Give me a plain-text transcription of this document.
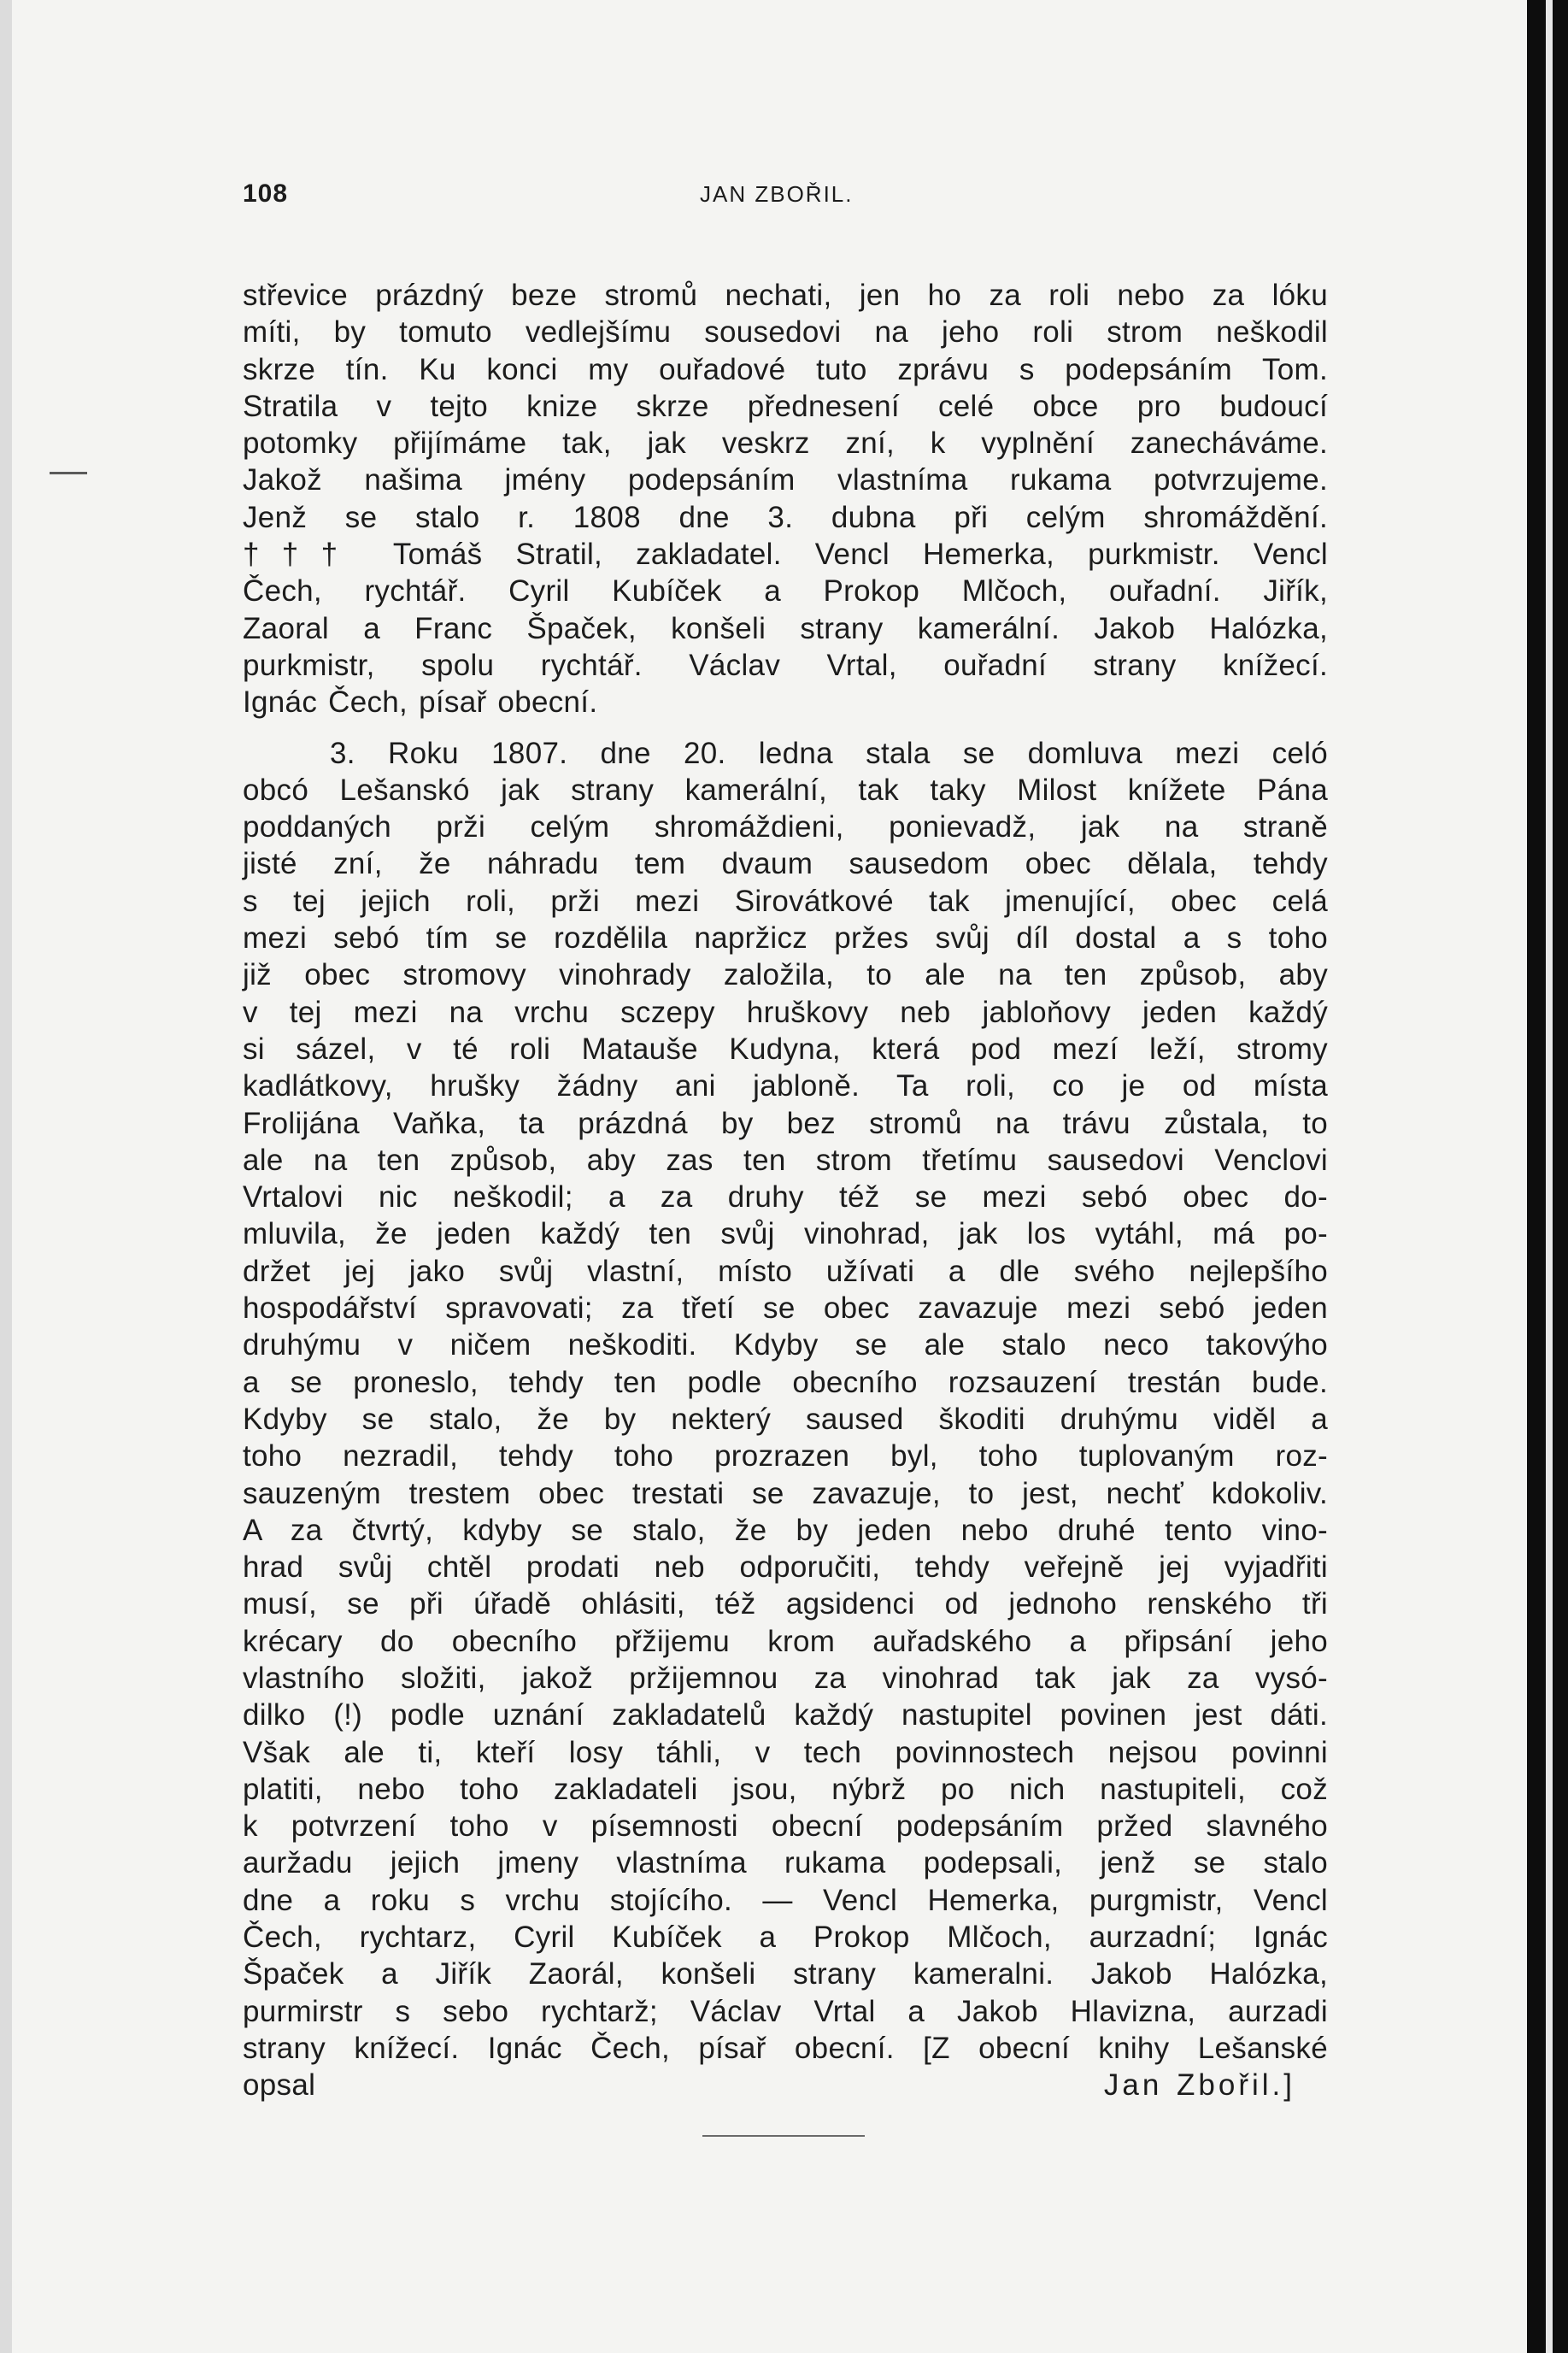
108	JAN ZBOŘIL.
střevice prázdný beze stromů nechati, jen ho za roli nebo za lóku
míti, by tomuto vedlejšímu sousedovi na jeho roli strom neškodil
skrze tín. Ku konci my ouřadové tuto zprávu s podepsáním Tom.
Stratila v tejto knize skrze přednesení celé obce pro budoucí
potomky přijímáme tak, jak veskrz zní, k vyplnění zanecháváme.
Jakož našima jmény podepsáním vlastníma rukama potvrzujeme.
Jenž se stalo r. 1808 dne 3. dubna při celým shromáždění.
††† Tomáš Stratil, zakladatel. Vencl Hemerka, purkmistr. Vencl
Čech, rychtář. Cyril Kubíček a Prokop Mlčoch, ouřadní. Jiřík,
Zaoral a Franc Špaček, konšeli strany kamerální. Jakob Halózka,
purkmistr, spolu rychtář. Václav Vrtal, ouřadní strany knížecí.
Ignác Čech, písař obecní.
3. Roku 1807. dne 20. ledna stala se domluva mezi celó
obcó Lešanskó jak strany kamerální, tak taky Milost knížete Pána
poddaných prži celým shromáždieni, ponievadž, jak na straně
jisté zní, že náhradu tem dvaum sausedom obec dělala, tehdy
s tej jejich roli, prži mezi Sirovátkové tak jmenující, obec celá
mezi sebó tím se rozdělila napržicz pržes svůj díl dostal a s toho
již obec stromovy vinohrady založila, to ale na ten způsob, aby
v tej mezi na vrchu sczepy hruškovy neb jabloňovy jeden každý
si sázel, v té roli Matauše Kudyna, která pod mezí leží, stromy
kadlátkovy, hrušky žádny ani jabloně. Ta roli, co je od místa
Frolijána Vaňka, ta prázdná by bez stromů na trávu zůstala, to
ale na ten způsob, aby zas ten strom třetímu sausedovi Venclovi
Vrtalovi nic neškodil; a za druhy též se mezi sebó obec do-
mluvila, že jeden každý ten svůj vinohrad, jak los vytáhl, má po-
držet jej jako svůj vlastní, místo užívati a dle svého nejlepšího
hospodářství spravovati; za třetí se obec zavazuje mezi sebó jeden
druhýmu v ničem neškoditi. Kdyby se ale stalo neco takovýho
a se proneslo, tehdy ten podle obecního rozsauzení trestán bude.
Kdyby se stalo, že by nekterý saused škoditi druhýmu viděl a
toho nezradil, tehdy toho prozrazen byl, toho tuplovaným roz-
sauzeným trestem obec trestati se zavazuje, to jest, nechť kdokoliv.
A za čtvrtý, kdyby se stalo, že by jeden nebo druhé tento vino-
hrad svůj chtěl prodati neb odporučiti, tehdy veřejně jej vyjadřiti
musí, se při úřadě ohlásiti, též agsidenci od jednoho renského tři
krécary do obecního přžijemu krom auřadského a připsání jeho
vlastního složiti, jakož pržijemnou za vinohrad tak jak za vysó-
dilko (!) podle uznání zakladatelů každý nastupitel povinen jest dáti.
Však ale ti, kteří losy táhli, v tech povinnostech nejsou povinni
platiti, nebo toho zakladateli jsou, nýbrž po nich nastupiteli, což
k potvrzení toho v písemnosti obecní podepsáním pržed slavného
auržadu jejich jmeny vlastníma rukama podepsali, jenž se stalo
dne a roku s vrchu stojícího. — Vencl Hemerka, purgmistr, Vencl
Čech, rychtarz, Cyril Kubíček a Prokop Mlčoch, aurzadní; Ignác
Špaček a Jiřík Zaorál, konšeli strany kameralni. Jakob Halózka,
purmirstr s sebo rychtarž; Václav Vrtal a Jakob Hlavizna, aurzadi
strany knížecí. Ignác Čech, písař obecní. [Z obecní knihy Lešanské
opsal	Jan Zbořil.]
